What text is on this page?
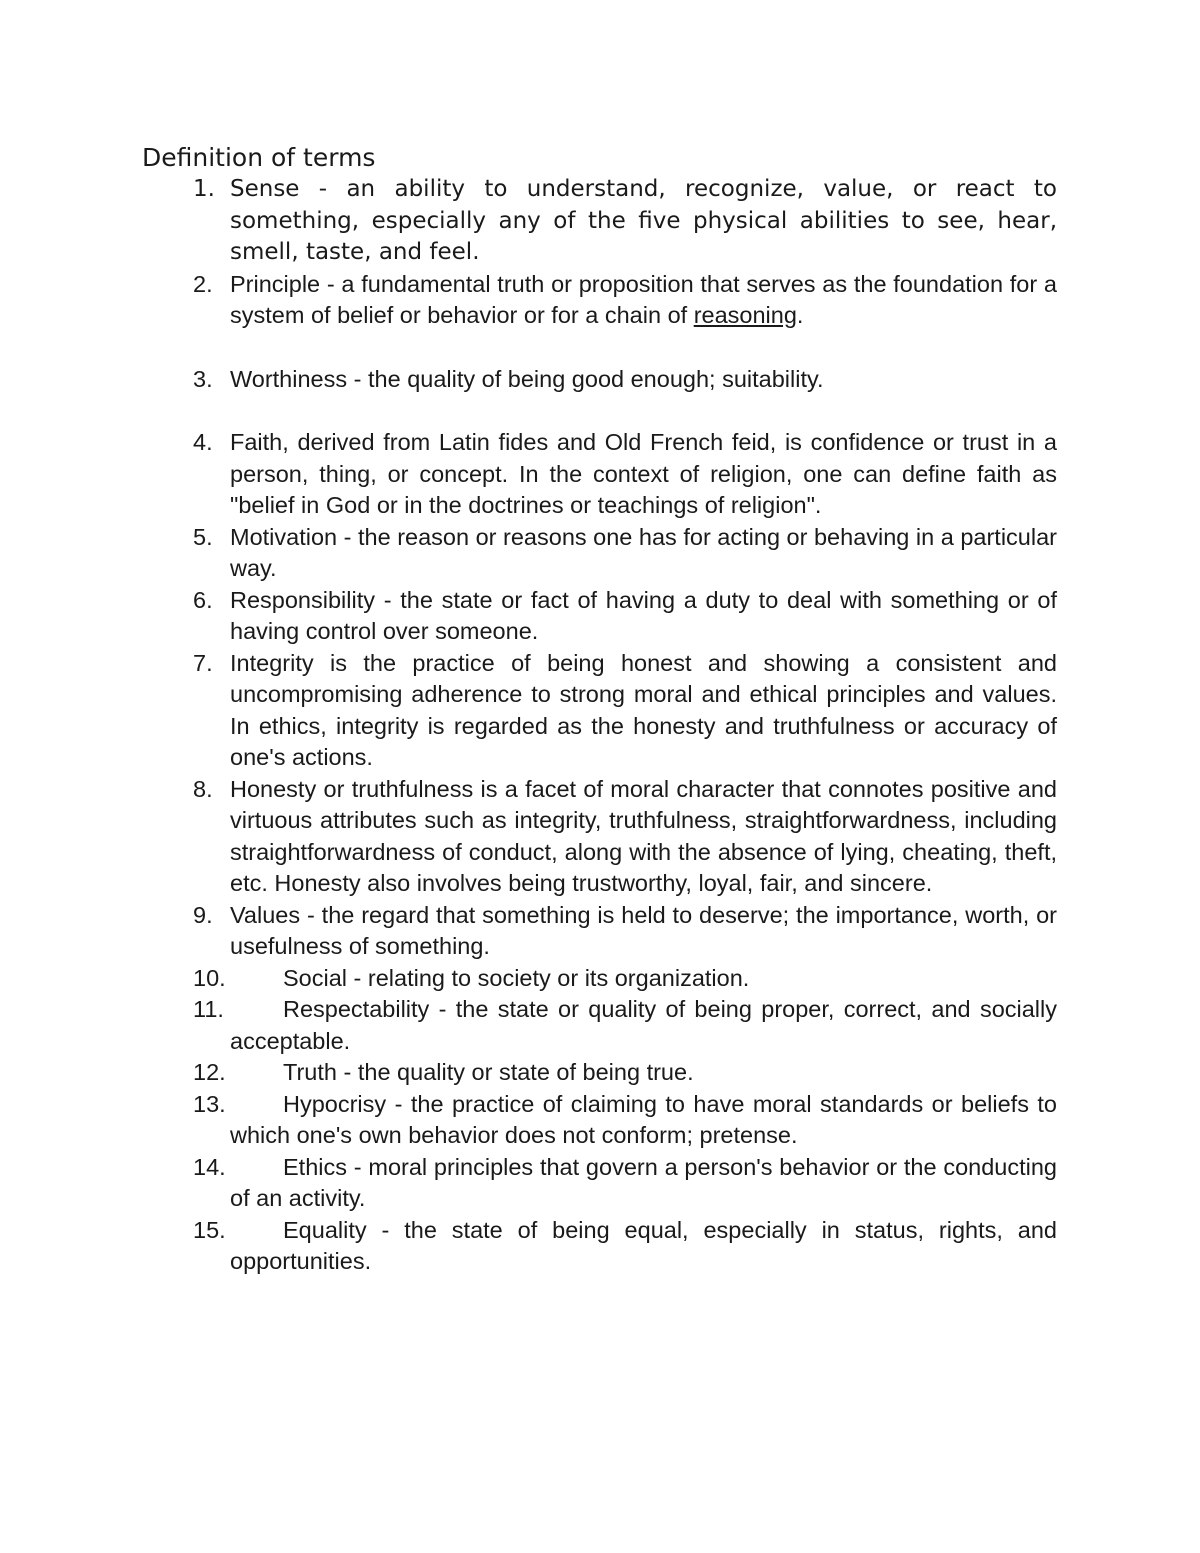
Definition of terms
1. Sense - an ability to understand, recognize, value, or react to something, especially any of the five physical abilities to see, hear, smell, taste, and feel.
2. Principle - a fundamental truth or proposition that serves as the foundation for a system of belief or behavior or for a chain of reasoning.
3. Worthiness - the quality of being good enough; suitability.
4. Faith, derived from Latin fides and Old French feid, is confidence or trust in a person, thing, or concept. In the context of religion, one can define faith as "belief in God or in the doctrines or teachings of religion".
5. Motivation - the reason or reasons one has for acting or behaving in a particular way.
6. Responsibility - the state or fact of having a duty to deal with something or of having control over someone.
7. Integrity is the practice of being honest and showing a consistent and uncompromising adherence to strong moral and ethical principles and values. In ethics, integrity is regarded as the honesty and truthfulness or accuracy of one's actions.
8. Honesty or truthfulness is a facet of moral character that connotes positive and virtuous attributes such as integrity, truthfulness, straightforwardness, including straightforwardness of conduct, along with the absence of lying, cheating, theft, etc. Honesty also involves being trustworthy, loyal, fair, and sincere.
9. Values - the regard that something is held to deserve; the importance, worth, or usefulness of something.
10. Social - relating to society or its organization.
11.	Respectability - the state or quality of being proper, correct, and socially acceptable.
12. Truth - the quality or state of being true.
13. Hypocrisy - the practice of claiming to have moral standards or beliefs to which one's own behavior does not conform; pretense.
14. Ethics - moral principles that govern a person's behavior or the conducting of an activity.
15. Equality - the state of being equal, especially in status, rights, and opportunities.
